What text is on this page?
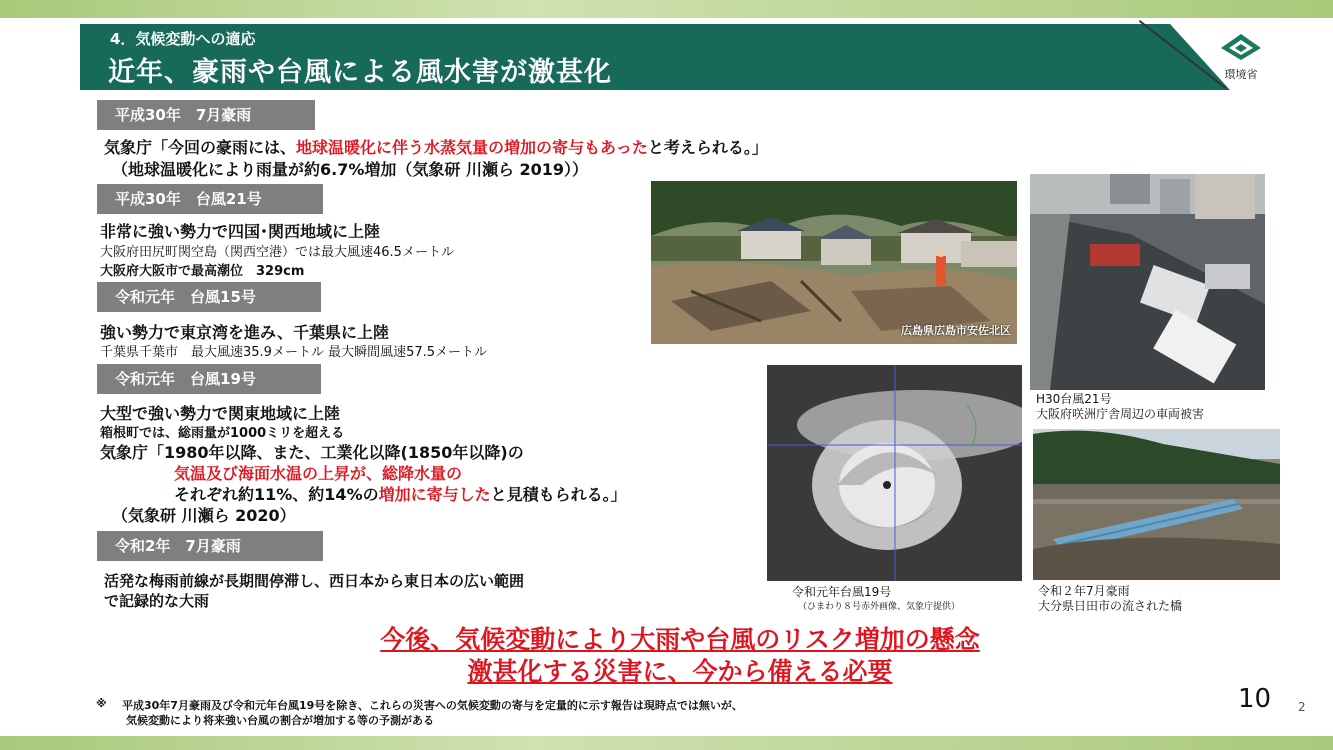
4．気候変動への適応
近年、豪雨や台風による風水害が激甚化	環境省
平成30年　7月豪雨
気象庁「今回の豪雨には、地球温暖化に伴う水蒸気量の増加の寄与もあったと考えられる。」
（地球温暖化により雨量が約6.7%増加（気象研 川瀬ら 2019））
平成30年　台風21号
非常に強い勢力で四国･関西地域に上陸
大阪府田尻町関空島（関西空港）では最大風速46.5メートル
大阪府大阪市で最高潮位　329cm
令和元年　台風15号
強い勢力で東京湾を進み、千葉県に上陸
千葉県千葉市　最大風速35.9メートル 最大瞬間風速57.5メートル
令和元年　台風19号
大型で強い勢力で関東地域に上陸
箱根町では、総雨量が1000ミリを超える
気象庁「1980年以降、また、工業化以降(1850年以降)の
気温及び海面水温の上昇が、総降水量の
それぞれ約11%、約14%の増加に寄与したと見積もられる。」
（気象研 川瀬ら 2020）
令和2年　7月豪雨
活発な梅雨前線が長期間停滞し、西日本から東日本の広い範囲
で記録的な大雨
広島県広島市安佐北区
H30台風21号
大阪府咲洲庁舎周辺の車両被害
令和元年台風19号
（ひまわり８号赤外画像、気象庁提供）
令和２年7月豪雨
大分県日田市の流された橋
今後、気候変動により大雨や台風のリスク増加の懸念
激甚化する災害に、今から備える必要
※ 平成30年7月豪雨及び令和元年台風19号を除き、これらの災害への気候変動の寄与を定量的に示す報告は現時点では無いが、
気候変動により将来強い台風の割合が増加する等の予測がある
10 2
